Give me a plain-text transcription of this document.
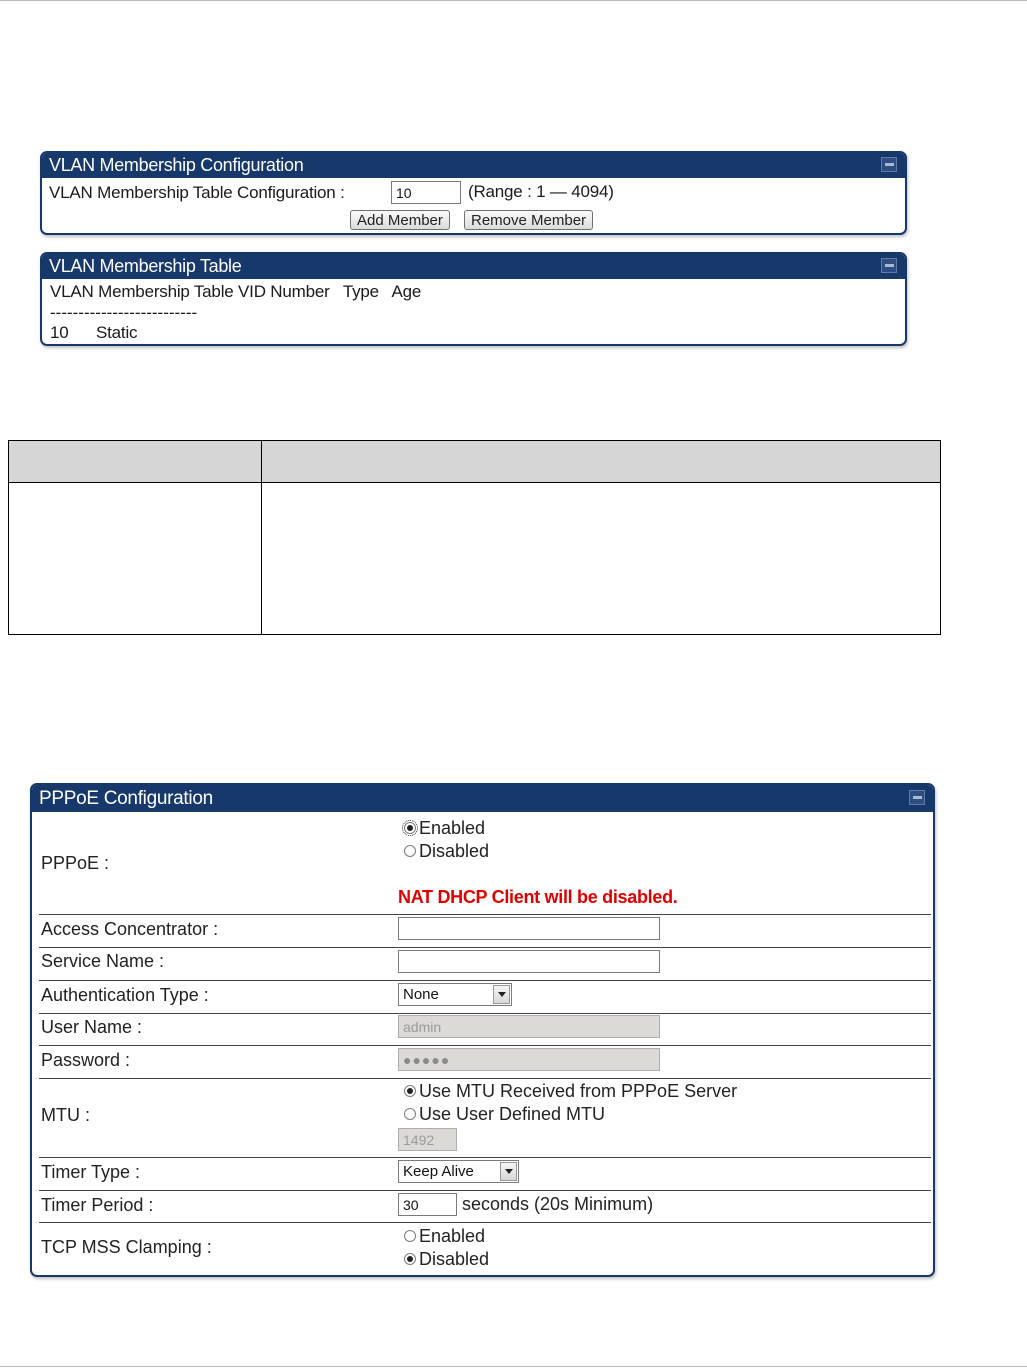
VLAN Membership Configuration
VLAN Membership Table Configuration :
10	(Range : 1 — 4094)
Add Member	Remove Member
VLAN Membership Table
VLAN Membership Table VID Number   Type   Age
--------------------------
10 Static
PPPoE Configuration
PPPoE :
Enabled
Disabled
NAT DHCP Client will be disabled.
Access Concentrator :
Service Name :
Authentication Type :	None
User Name :
admin
Password :
●●●●●
MTU :
Use MTU Received from PPPoE Server
Use User Defined MTU
1492
Timer Type :	Keep Alive
Timer Period :
30	seconds (20s Minimum)
TCP MSS Clamping :
Enabled
Disabled
